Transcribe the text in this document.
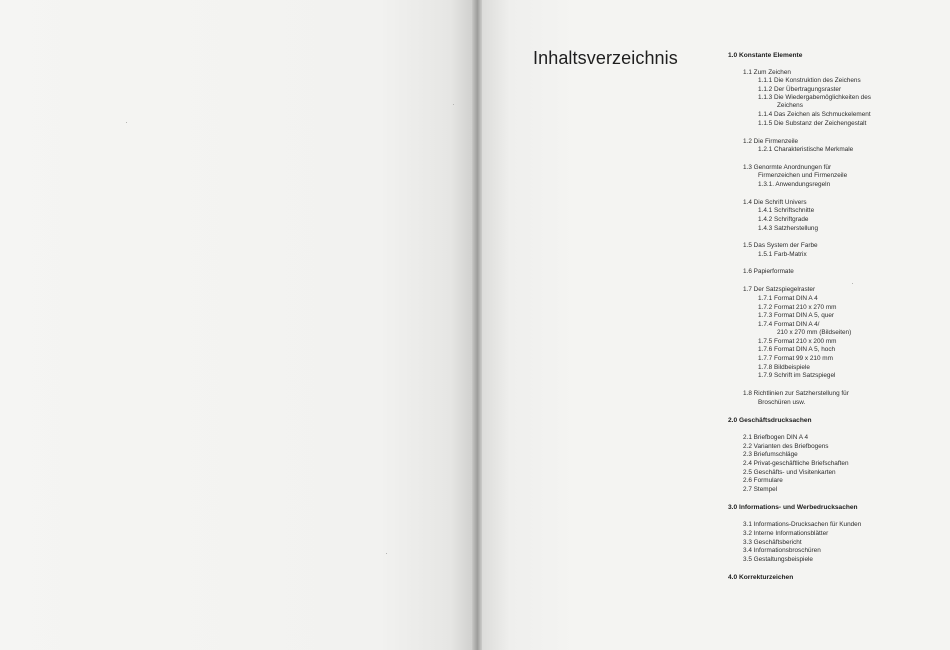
Inhaltsverzeichnis	1.0 Konstante Elemente
1.1 Zum Zeichen
1.1.1 Die Konstruktion des Zeichens
1.1.2 Der Übertragungsraster
1.1.3 Die Wiedergabemöglichkeiten des
Zeichens
1.1.4 Das Zeichen als Schmuckelement
1.1.5 Die Substanz der Zeichengestalt
1.2 Die Firmenzeile
1.2.1 Charakteristische Merkmale
1.3 Genormte Anordnungen für
Firmenzeichen und Firmenzeile
1.3.1. Anwendungsregeln
1.4 Die Schrift Univers
1.4.1 Schriftschnitte
1.4.2 Schriftgrade
1.4.3 Satzherstellung
1.5 Das System der Farbe
1.5.1 Farb-Matrix
1.6 Papierformate
1.7 Der Satzspiegelraster
1.7.1 Format DIN A 4
1.7.2 Format 210 x 270 mm
1.7.3 Format DIN A 5, quer
1.7.4 Format DIN A 4/
210 x 270 mm (Bildseiten)
1.7.5 Format 210 x 200 mm
1.7.6 Format DIN A 5, hoch
1.7.7 Format 99 x 210 mm
1.7.8 Bildbeispiele
1.7.9 Schrift im Satzspiegel
1.8 Richtlinien zur Satzherstellung für
Broschüren usw.
2.0 Geschäftsdrucksachen
2.1 Briefbogen DIN A 4
2.2 Varianten des Briefbogens
2.3 Briefumschläge
2.4 Privat-geschäftliche Briefschaften
2.5 Geschäfts- und Visitenkarten
2.6 Formulare
2.7 Stempel
3.0 Informations- und Werbedrucksachen
3.1 Informations-Drucksachen für Kunden
3.2 Interne Informationsblätter
3.3 Geschäftsbericht
3.4 Informationsbroschüren
3.5 Gestaltungsbeispiele
4.0 Korrekturzeichen
